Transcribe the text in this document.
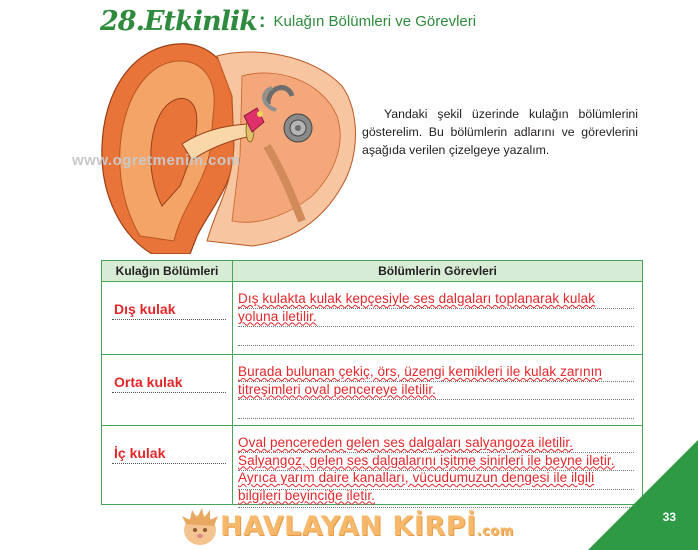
28.Etkinlik : Kulağın Bölümleri ve Görevleri
www.ogretmenim.com
Yandaki şekil üzerinde kulağın bölümlerini gösterelim. Bu bölümlerin adlarını ve görevlerini aşağıda verilen çizelgeye yazalım.
Kulağın Bölümleri	Bölümlerin Görevleri

Dış kulak	Dış kulakta kulak kepçesiyle ses dalgaları toplanarak kulak yoluna iletilir.

Orta kulak	Burada bulunan çekiç, örs, üzengi kemikleri ile kulak zarının titreşimleri oval pencereye iletilir.

İç kulak	Oval pencereden gelen ses dalgaları salyangoza iletilir. Salyangoz, gelen ses dalgalarını işitme sinirleri ile beyne iletir. Ayrıca yarım daire kanalları, vücudumuzun dengesi ile ilgili bilgileri beyinciğe iletir.
33
HAVLAYAN KİRPİ.com
